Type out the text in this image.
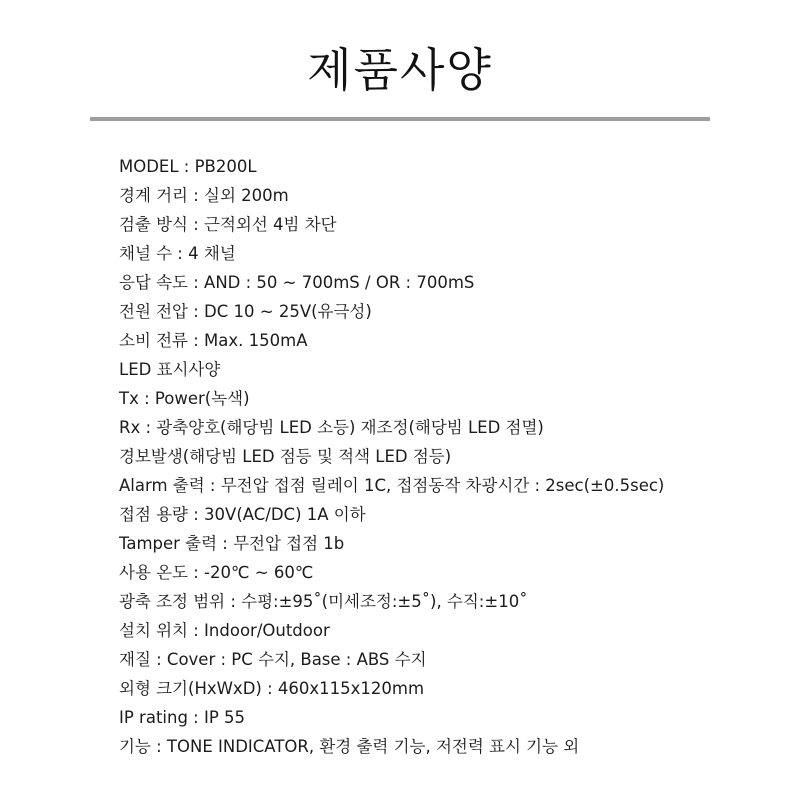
제품사양
MODEL : PB200L
경계 거리 : 실외 200m
검출 방식 : 근적외선 4빔 차단
채널 수 : 4 채널
응답 속도 : AND : 50 ~ 700mS / OR : 700mS
전원 전압 : DC 10 ~ 25V(유극성)
소비 전류 : Max. 150mA
LED 표시사양
Tx : Power(녹색)
Rx : 광축양호(해당빔 LED 소등) 재조정(해당빔 LED 점멸)
경보발생(해당빔 LED 점등 및 적색 LED 점등)
Alarm 출력 : 무전압 접점 릴레이 1C, 접점동작 차광시간 : 2sec(±0.5sec)
접점 용량 : 30V(AC/DC) 1A 이하
Tamper 출력 : 무전압 접점 1b
사용 온도 : -20℃ ~ 60℃
광축 조정 범위 : 수평:±95˚(미세조정:±5˚), 수직:±10˚
설치 위치 : Indoor/Outdoor
재질 : Cover : PC 수지, Base : ABS 수지
외형 크기(HxWxD) : 460x115x120mm
IP rating : IP 55
기능 : TONE INDICATOR, 환경 출력 기능, 저전력 표시 기능 외
